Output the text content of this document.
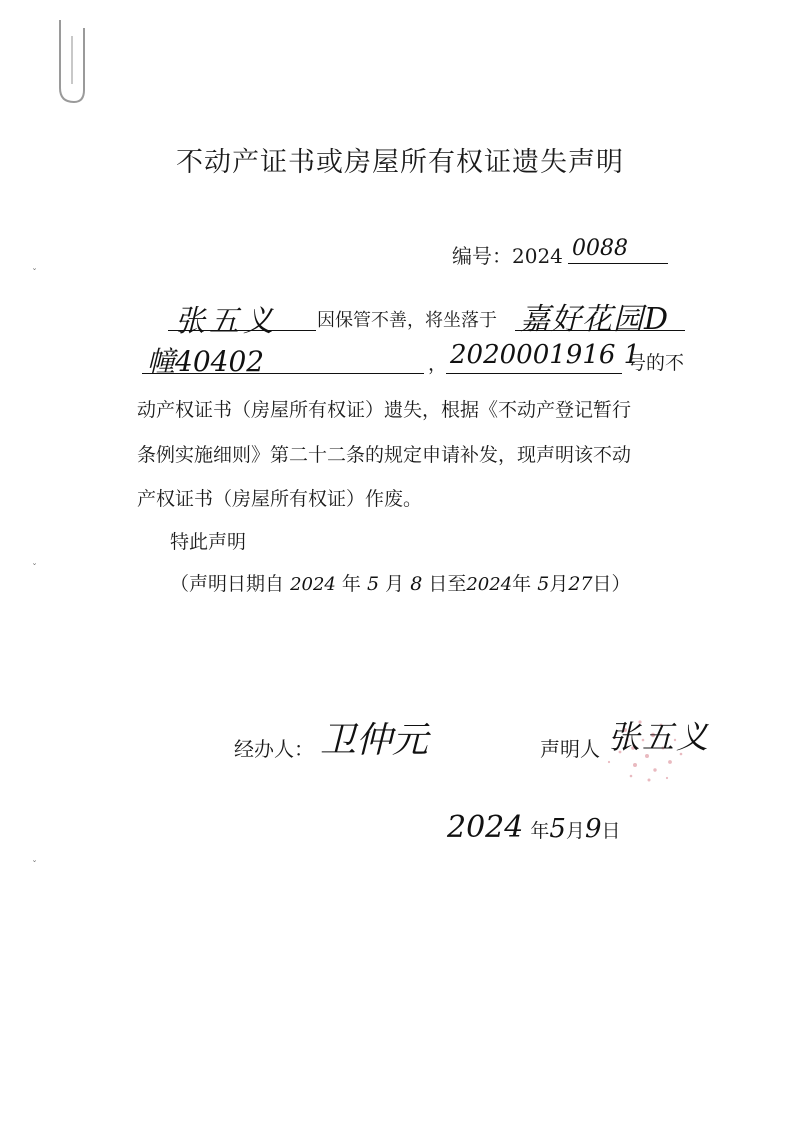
ˇ
ˇ
ˇ
不动产证书或房屋所有权证遗失声明
编号：2024 0088
张五义 因保管不善，将坐落于 嘉好花园D
幢40402	， 2020001916 1
号的不
动产权证书（房屋所有权证）遗失，根据《不动产登记暂行
条例实施细则》第二十二条的规定申请补发，现声明该不动
产权证书（房屋所有权证）作废。
特此声明
（声明日期自 2024 年 5 月 8 日至2024年 5月27日）
经办人： 卫仲元	声明人 张五义
2024 年5月9日
